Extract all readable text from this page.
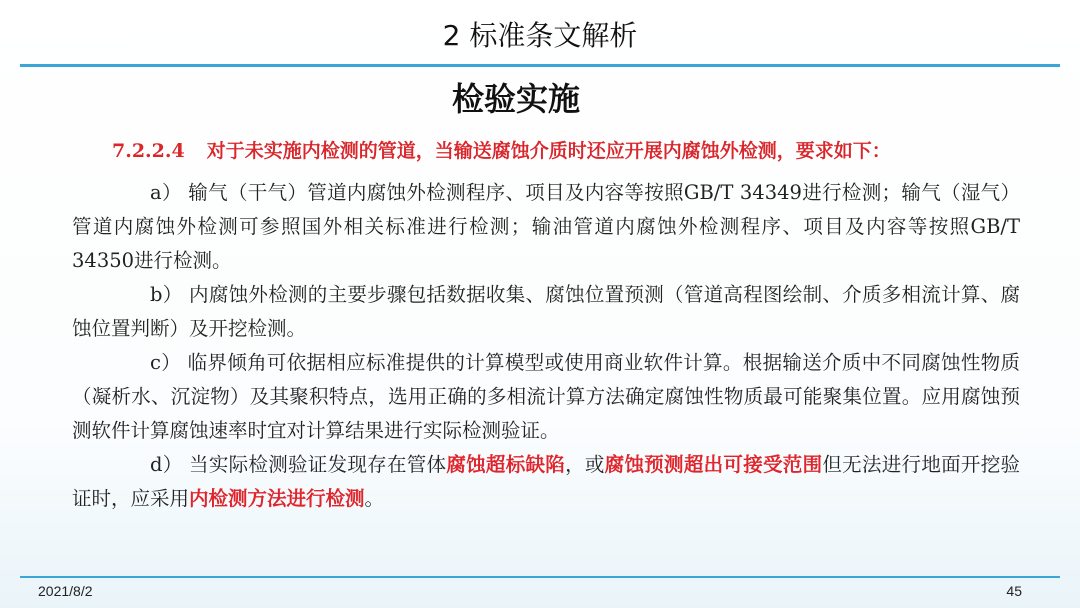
2 标准条文解析
检验实施
7.2.2.4 对于未实施内检测的管道，当输送腐蚀介质时还应开展内腐蚀外检测，要求如下：

a） 输气（干气）管道内腐蚀外检测程序、项目及内容等按照GB/T 34349进行检测；输气（湿气）管道内腐蚀外检测可参照国外相关标准进行检测；输油管道内腐蚀外检测程序、项目及内容等按照GB/T 34350进行检测。

b） 内腐蚀外检测的主要步骤包括数据收集、腐蚀位置预测（管道高程图绘制、介质多相流计算、腐蚀位置判断）及开挖检测。

c） 临界倾角可依据相应标准提供的计算模型或使用商业软件计算。根据输送介质中不同腐蚀性物质（凝析水、沉淀物）及其聚积特点，选用正确的多相流计算方法确定腐蚀性物质最可能聚集位置。应用腐蚀预测软件计算腐蚀速率时宜对计算结果进行实际检测验证。

d） 当实际检测验证发现存在管体腐蚀超标缺陷，或腐蚀预测超出可接受范围但无法进行地面开挖验证时，应采用内检测方法进行检测。

2021/8/2	45
